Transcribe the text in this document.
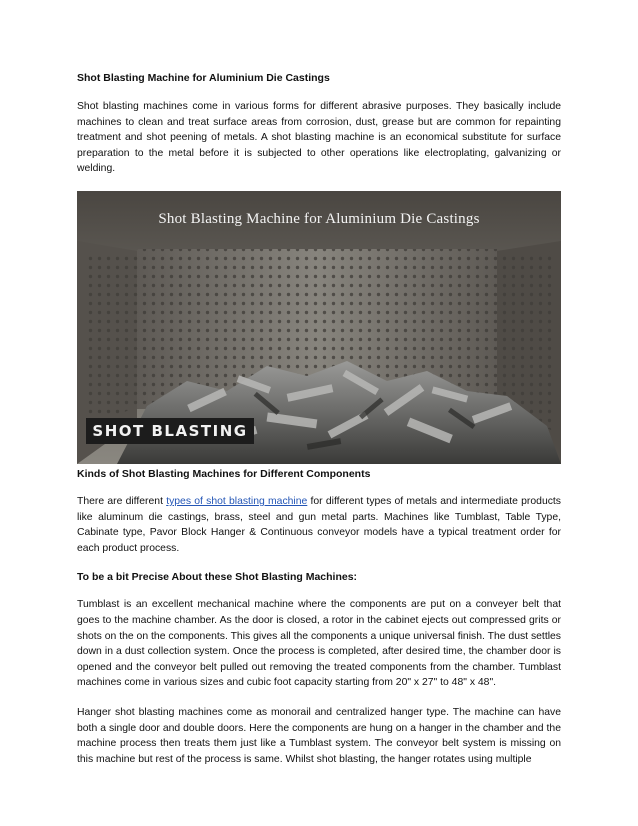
Shot Blasting Machine for Aluminium Die Castings

Shot blasting machines come in various forms for different abrasive purposes. They basically include machines to clean and treat surface areas from corrosion, dust, grease but are common for repainting treatment and shot peening of metals. A shot blasting machine is an economical substitute for surface preparation to the metal before it is subjected to other operations like electroplating, galvanizing or welding.

Shot Blasting Machine for Aluminium Die Castings
SHOT BLASTING
Kinds of Shot Blasting Machines for Different Components

There are different types of shot blasting machine for different types of metals and intermediate products like aluminum die castings, brass, steel and gun metal parts. Machines like Tumblast, Table Type, Cabinate type, Pavor Block Hanger & Continuous conveyor models have a typical treatment order for each product process.

To be a bit Precise About these Shot Blasting Machines:

Tumblast is an excellent mechanical machine where the components are put on a conveyer belt that goes to the machine chamber. As the door is closed, a rotor in the cabinet ejects out compressed grits or shots on the on the components. This gives all the components a unique universal finish. The dust settles down in a dust collection system. Once the process is completed, after desired time, the chamber door is opened and the conveyor belt pulled out removing the treated components from the chamber. Tumblast machines come in various sizes and cubic foot capacity starting from 20" x 27" to 48" x 48".

Hanger shot blasting machines come as monorail and centralized hanger type. The machine can have both a single door and double doors. Here the components are hung on a hanger in the chamber and the machine process then treats them just like a Tumblast system. The conveyor belt system is missing on this machine but rest of the process is same. Whilst shot blasting, the hanger rotates using multiple
